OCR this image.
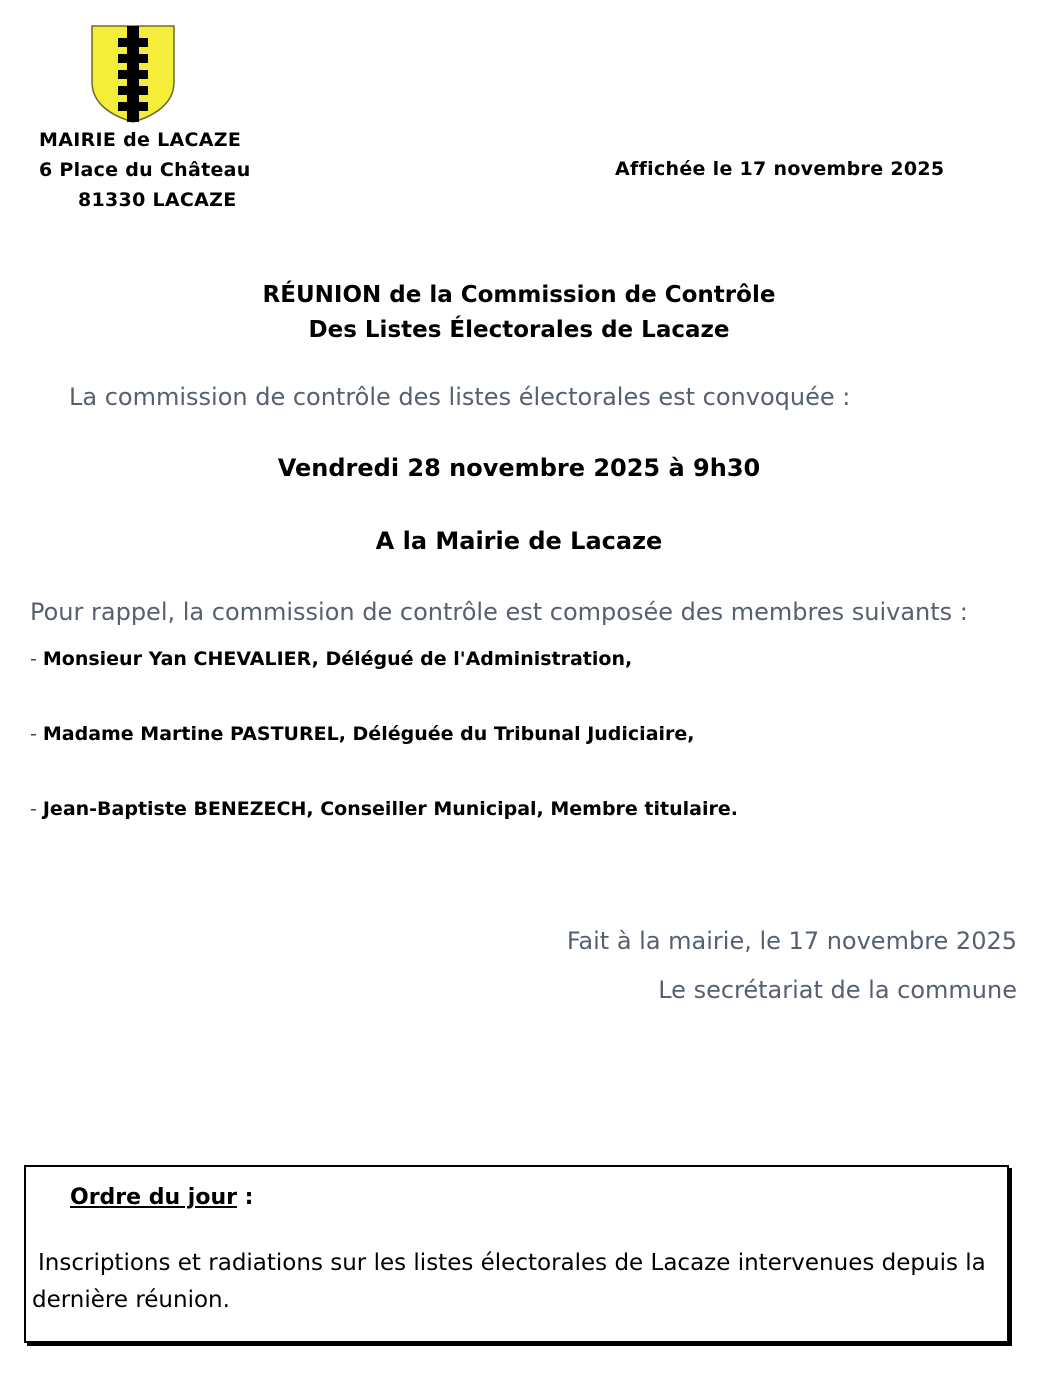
MAIRIE de LACAZE
6 Place du Château
81330 LACAZE
Affichée le 17 novembre 2025
RÉUNION de la Commission de Contrôle
Des Listes Électorales de Lacaze
La commission de contrôle des listes électorales est convoquée :
Vendredi 28 novembre 2025 à 9h30
A la Mairie de Lacaze
Pour rappel, la commission de contrôle est composée des membres suivants :
- Monsieur Yan CHEVALIER, Délégué de l'Administration,
- Madame Martine PASTUREL, Déléguée du Tribunal Judiciaire,
- Jean-Baptiste BENEZECH, Conseiller Municipal, Membre titulaire.
Fait à la mairie, le 17 novembre 2025
Le secrétariat de la commune
Ordre du jour :
Inscriptions et radiations sur les listes électorales de Lacaze intervenues depuis la dernière réunion.
